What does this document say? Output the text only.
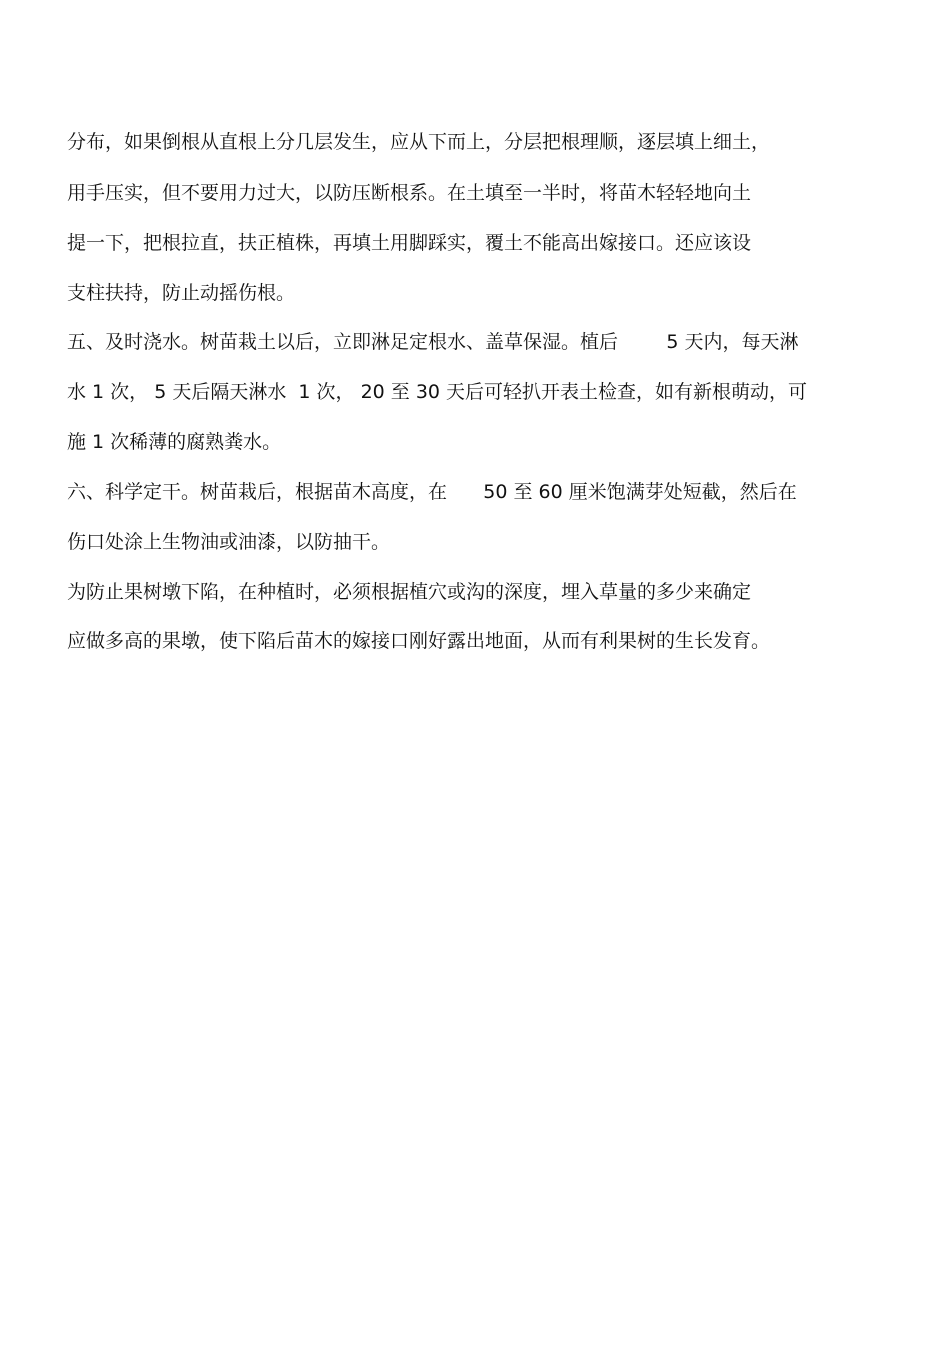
分布，如果倒根从直根上分几层发生，应从下而上，分层把根理顺，逐层填上细土，
用手压实，但不要用力过大，以防压断根系。在土填至一半时，将苗木轻轻地向土
提一下，把根拉直，扶正植株，再填土用脚踩实，覆土不能高出嫁接口。还应该设
支柱扶持，防止动摇伤根。
五、及时浇水。树苗栽土以后，立即淋足定根水、盖草保湿。植后        5 天内，每天淋
水 1 次， 5 天后隔天淋水  1 次， 20 至 30 天后可轻扒开表土检查，如有新根萌动，可
施 1 次稀薄的腐熟粪水。
六、科学定干。树苗栽后，根据苗木高度，在      50 至 60 厘米饱满芽处短截，然后在
伤口处涂上生物油或油漆，以防抽干。
为防止果树墩下陷，在种植时，必须根据植穴或沟的深度，埋入草量的多少来确定
应做多高的果墩，使下陷后苗木的嫁接口刚好露出地面，从而有利果树的生长发育。
